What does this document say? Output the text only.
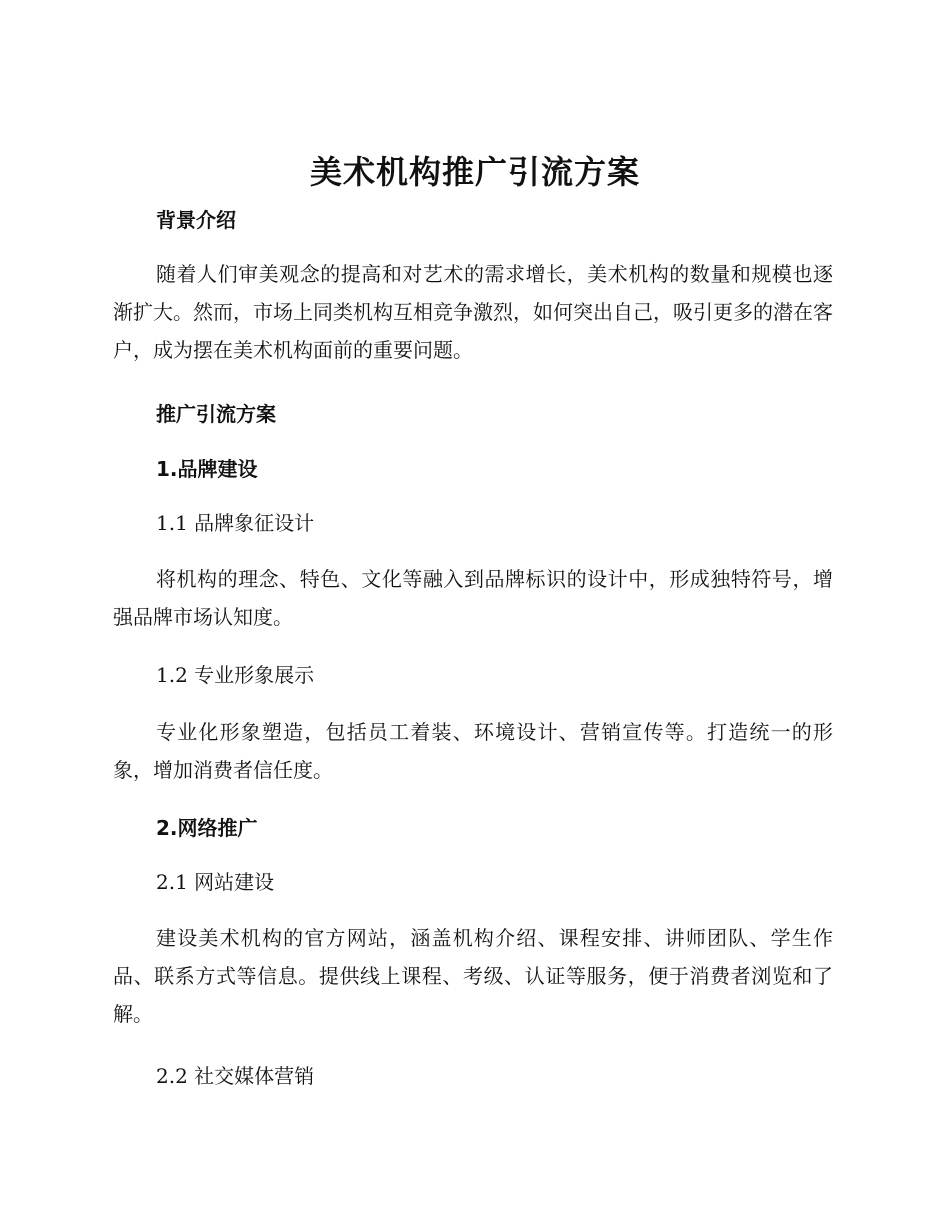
美术机构推广引流方案
背景介绍
随着人们审美观念的提高和对艺术的需求增长，美术机构的数量和规模也逐渐扩大。然而，市场上同类机构互相竞争激烈，如何突出自己，吸引更多的潜在客户，成为摆在美术机构面前的重要问题。
推广引流方案
1.品牌建设
1.1 品牌象征设计
将机构的理念、特色、文化等融入到品牌标识的设计中，形成独特符号，增强品牌市场认知度。
1.2 专业形象展示
专业化形象塑造，包括员工着装、环境设计、营销宣传等。打造统一的形象，增加消费者信任度。
2.网络推广
2.1 网站建设
建设美术机构的官方网站，涵盖机构介绍、课程安排、讲师团队、学生作品、联系方式等信息。提供线上课程、考级、认证等服务，便于消费者浏览和了解。
2.2 社交媒体营销
